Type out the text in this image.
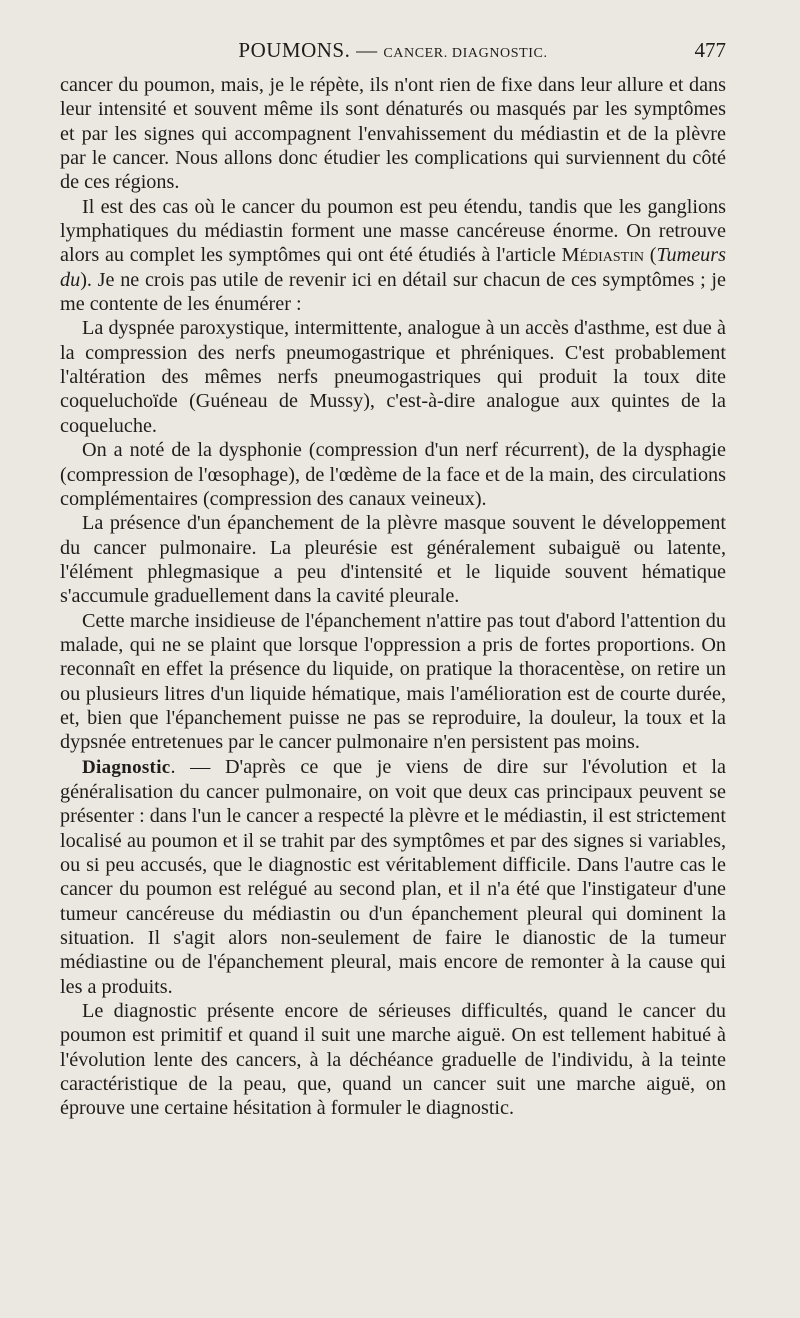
POUMONS. — CANCER. DIAGNOSTIC.	477

cancer du poumon, mais, je le répète, ils n'ont rien de fixe dans leur allure et dans leur intensité et souvent même ils sont dénaturés ou masqués par les symptômes et par les signes qui accompagnent l'envahissement du médiastin et de la plèvre par le cancer. Nous allons donc étudier les complications qui surviennent du côté de ces régions.

Il est des cas où le cancer du poumon est peu étendu, tandis que les ganglions lymphatiques du médiastin forment une masse cancéreuse énorme. On retrouve alors au complet les symptômes qui ont été étudiés à l'article Médiastin (Tumeurs du). Je ne crois pas utile de revenir ici en détail sur chacun de ces symptômes ; je me contente de les énumérer :

La dyspnée paroxystique, intermittente, analogue à un accès d'asthme, est due à la compression des nerfs pneumogastrique et phréniques. C'est probablement l'altération des mêmes nerfs pneumogastriques qui produit la toux dite coqueluchoïde (Guéneau de Mussy), c'est-à-dire analogue aux quintes de la coqueluche.

On a noté de la dysphonie (compression d'un nerf récurrent), de la dysphagie (compression de l'œsophage), de l'œdème de la face et de la main, des circulations complémentaires (compression des canaux veineux).

La présence d'un épanchement de la plèvre masque souvent le développement du cancer pulmonaire. La pleurésie est généralement subaiguë ou latente, l'élément phlegmasique a peu d'intensité et le liquide souvent hématique s'accumule graduellement dans la cavité pleurale.

Cette marche insidieuse de l'épanchement n'attire pas tout d'abord l'attention du malade, qui ne se plaint que lorsque l'oppression a pris de fortes proportions. On reconnaît en effet la présence du liquide, on pratique la thoracentèse, on retire un ou plusieurs litres d'un liquide hématique, mais l'amélioration est de courte durée, et, bien que l'épanchement puisse ne pas se reproduire, la douleur, la toux et la dypsnée entretenues par le cancer pulmonaire n'en persistent pas moins.

Diagnostic. — D'après ce que je viens de dire sur l'évolution et la généralisation du cancer pulmonaire, on voit que deux cas principaux peuvent se présenter : dans l'un le cancer a respecté la plèvre et le médiastin, il est strictement localisé au poumon et il se trahit par des symptômes et par des signes si variables, ou si peu accusés, que le diagnostic est véritablement difficile. Dans l'autre cas le cancer du poumon est relégué au second plan, et il n'a été que l'instigateur d'une tumeur cancéreuse du médiastin ou d'un épanchement pleural qui dominent la situation. Il s'agit alors non-seulement de faire le dianostic de la tumeur médiastine ou de l'épanchement pleural, mais encore de remonter à la cause qui les a produits.

Le diagnostic présente encore de sérieuses difficultés, quand le cancer du poumon est primitif et quand il suit une marche aiguë. On est tellement habitué à l'évolution lente des cancers, à la déchéance graduelle de l'individu, à la teinte caractéristique de la peau, que, quand un cancer suit une marche aiguë, on éprouve une certaine hésitation à formuler le diagnostic.
